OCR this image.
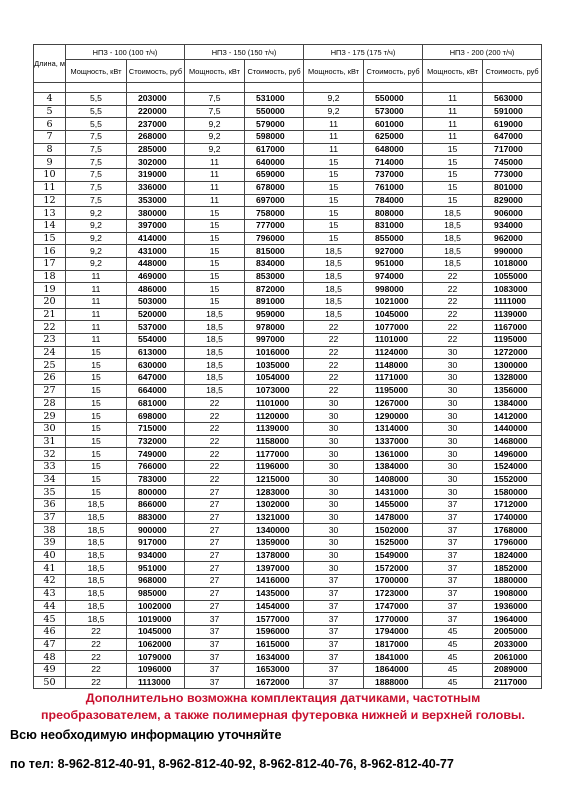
Длина, м	НПЗ - 100 (100 т/ч)		НПЗ - 150 (150 т/ч)		НПЗ - 175 (175 т/ч)		НПЗ - 200 (200 т/ч)	
	Мощность, кВт	Стоимость, руб	Мощность, кВт	Стоимость, руб	Мощность, кВт	Стоимость, руб	Мощность, кВт	Стоимость, руб

4	5,5	203000	7,5	531000	9,2	550000	11	563000
5	5,5	220000	7,5	550000	9,2	573000	11	591000
6	5,5	237000	9,2	579000	11	601000	11	619000
7	7,5	268000	9,2	598000	11	625000	11	647000
8	7,5	285000	9,2	617000	11	648000	15	717000
9	7,5	302000	11	640000	15	714000	15	745000
10	7,5	319000	11	659000	15	737000	15	773000
11	7,5	336000	11	678000	15	761000	15	801000
12	7,5	353000	11	697000	15	784000	15	829000
13	9,2	380000	15	758000	15	808000	18,5	906000
14	9,2	397000	15	777000	15	831000	18,5	934000
15	9,2	414000	15	796000	15	855000	18,5	962000
16	9,2	431000	15	815000	18,5	927000	18,5	990000
17	9,2	448000	15	834000	18,5	951000	18,5	1018000
18	11	469000	15	853000	18,5	974000	22	1055000
19	11	486000	15	872000	18,5	998000	22	1083000
20	11	503000	15	891000	18,5	1021000	22	1111000
21	11	520000	18,5	959000	18,5	1045000	22	1139000
22	11	537000	18,5	978000	22	1077000	22	1167000
23	11	554000	18,5	997000	22	1101000	22	1195000
24	15	613000	18,5	1016000	22	1124000	30	1272000
25	15	630000	18,5	1035000	22	1148000	30	1300000
26	15	647000	18,5	1054000	22	1171000	30	1328000
27	15	664000	18,5	1073000	22	1195000	30	1356000
28	15	681000	22	1101000	30	1267000	30	1384000
29	15	698000	22	1120000	30	1290000	30	1412000
30	15	715000	22	1139000	30	1314000	30	1440000
31	15	732000	22	1158000	30	1337000	30	1468000
32	15	749000	22	1177000	30	1361000	30	1496000
33	15	766000	22	1196000	30	1384000	30	1524000
34	15	783000	22	1215000	30	1408000	30	1552000
35	15	800000	27	1283000	30	1431000	30	1580000
36	18,5	866000	27	1302000	30	1455000	37	1712000
37	18,5	883000	27	1321000	30	1478000	37	1740000
38	18,5	900000	27	1340000	30	1502000	37	1768000
39	18,5	917000	27	1359000	30	1525000	37	1796000
40	18,5	934000	27	1378000	30	1549000	37	1824000
41	18,5	951000	27	1397000	30	1572000	37	1852000
42	18,5	968000	27	1416000	37	1700000	37	1880000
43	18,5	985000	27	1435000	37	1723000	37	1908000
44	18,5	1002000	27	1454000	37	1747000	37	1936000
45	18,5	1019000	37	1577000	37	1770000	37	1964000
46	22	1045000	37	1596000	37	1794000	45	2005000
47	22	1062000	37	1615000	37	1817000	45	2033000
48	22	1079000	37	1634000	37	1841000	45	2061000
49	22	1096000	37	1653000	37	1864000	45	2089000
50	22	1113000	37	1672000	37	1888000	45	2117000
Дополнительно возможна комплектация датчиками, частотным
преобразователем, а также полимерная футеровка нижней и верхней головы.
Всю необходимую информацию уточняйте
по тел: 8-962-812-40-91, 8-962-812-40-92, 8-962-812-40-76, 8-962-812-40-77
